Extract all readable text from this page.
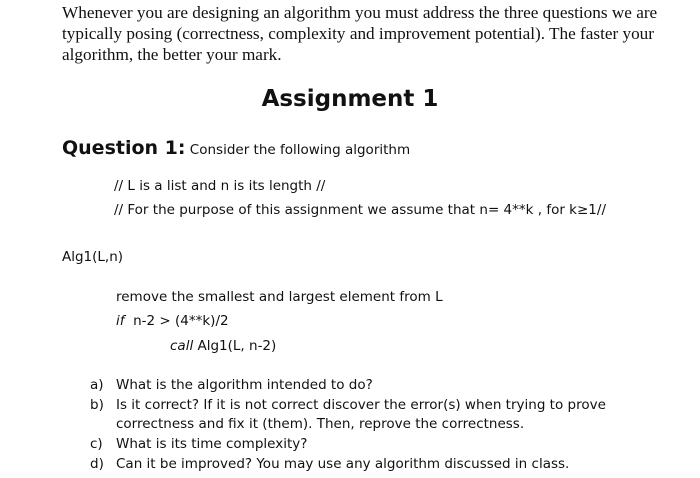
Whenever you are designing an algorithm you must address the three questions we are
typically posing (correctness, complexity and improvement potential). The faster your
algorithm, the better your mark.

Assignment 1
Question 1: Consider the following algorithm
// L is a list and n is its length //
// For the purpose of this assignment we assume that n= 4**k , for k≥1//
Alg1(L,n)
remove the smallest and largest element from L
if  n-2 > (4**k)/2
call Alg1(L, n-2)
a) What is the algorithm intended to do?
b) Is it correct? If it is not correct discover the error(s) when trying to prove correctness and fix it (them). Then, reprove the correctness.
c) What is its time complexity?
d) Can it be improved? You may use any algorithm discussed in class.
